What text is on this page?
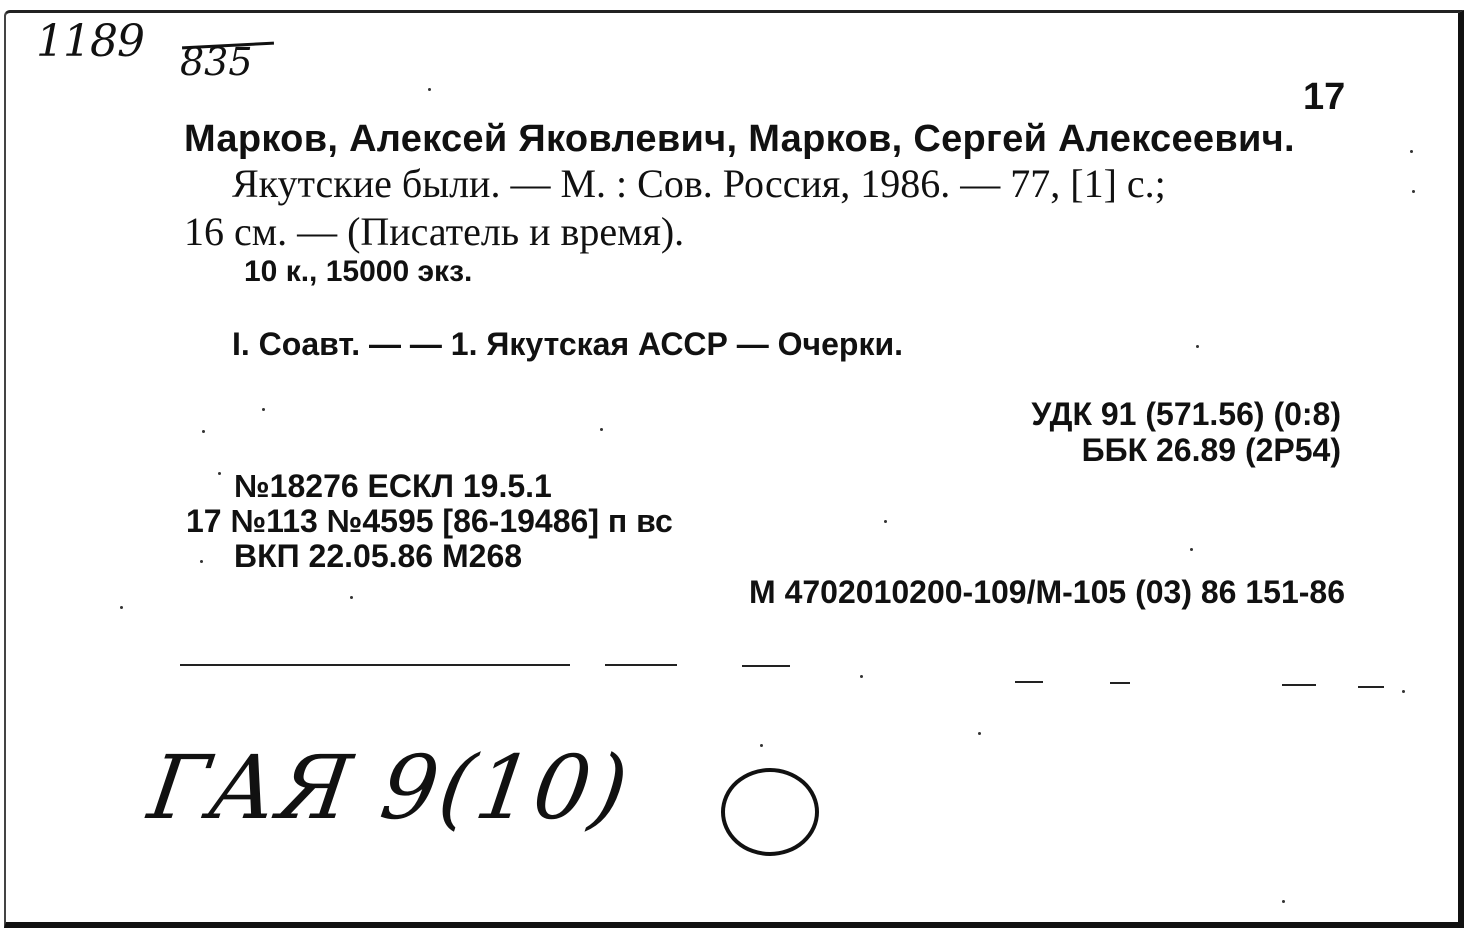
1189 835
17
Марков, Алексей Яковлевич, Марков, Сергей Алексеевич.
Якутские были. — М. : Сов. Россия, 1986. — 77, [1] с.;
16 см. — (Писатель и время).
10 к., 15000 экз.
I. Соавт. — — 1. Якутская АССР — Очерки.
УДК 91 (571.56) (0:8)
ББК 26.89 (2Р54)
№18276 ЕСКЛ 19.5.1
17 №113 №4595 [86-19486] п вс
ВКП 22.05.86 М268
М 4702010200-109/М-105 (03) 86 151-86
ГАЯ 9(10)
